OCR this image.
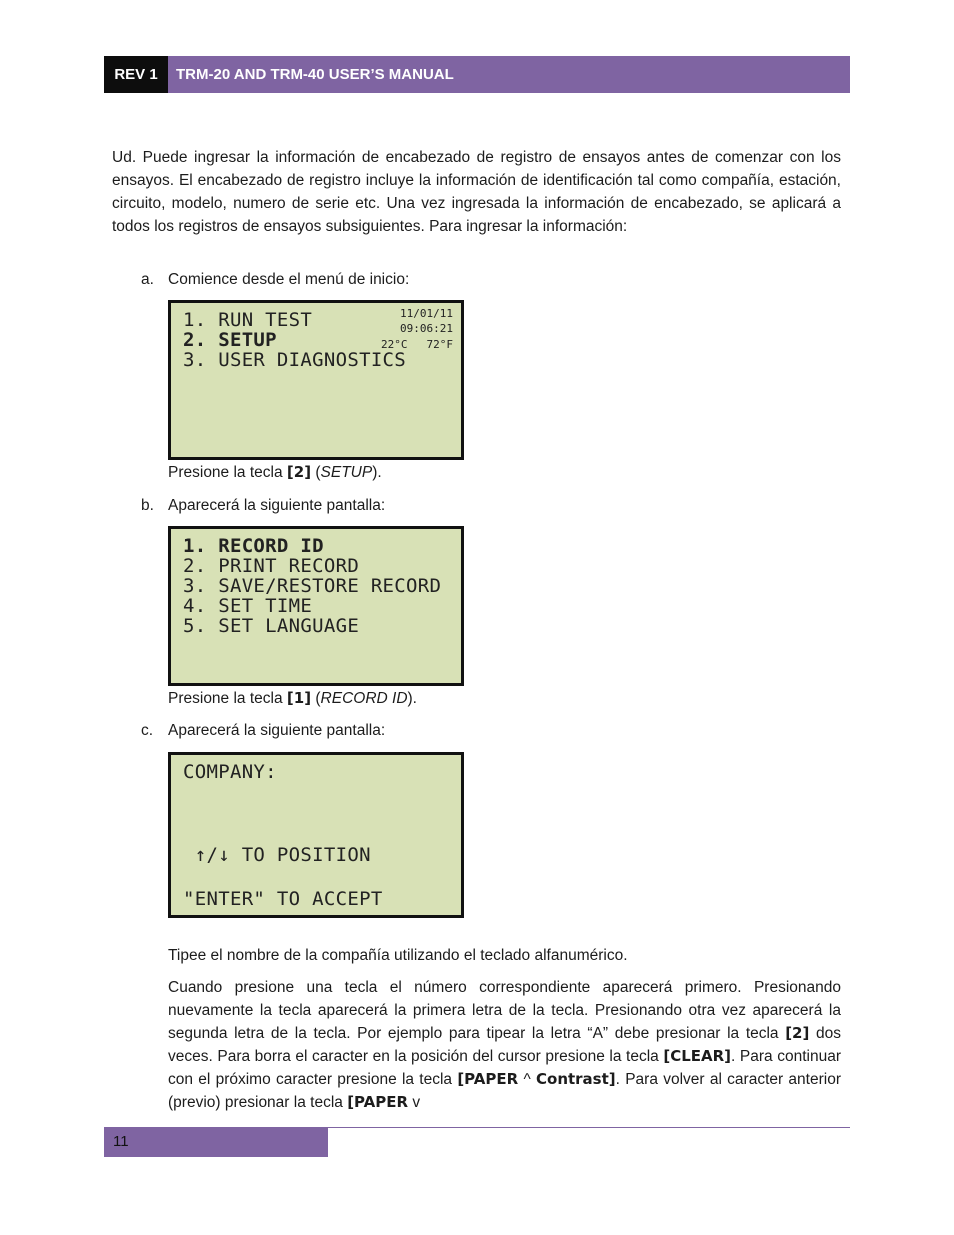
REV 1	TRM-20 AND TRM-40 USER’S MANUAL
Ud. Puede ingresar la información de encabezado de registro de ensayos antes de comenzar con los ensayos. El encabezado de registro incluye la información de identificación tal como compañía, estación, circuito, modelo, numero de serie etc. Una vez ingresada la información de encabezado, se aplicará a todos los registros de ensayos subsiguientes. Para ingresar la información:
a. Comience desde el menú de inicio:
1. RUN TEST
2. SETUP
3. USER DIAGNOSTICS
11/01/11
09:06:21
22°C 72°F
Presione la tecla [2] (SETUP).
b. Aparecerá la siguiente pantalla:
1. RECORD ID
2. PRINT RECORD
3. SAVE/RESTORE RECORD
4. SET TIME
5. SET LANGUAGE
Presione la tecla [1] (RECORD ID).
c. Aparecerá la siguiente pantalla:
COMPANY:
↑/↓ TO POSITION
"ENTER" TO ACCEPT
Tipee el nombre de la compañía utilizando el teclado alfanumérico.
Cuando presione una tecla el número correspondiente aparecerá primero. Presionando nuevamente la tecla aparecerá la primera letra de la tecla. Presionando otra vez aparecerá la segunda letra de la tecla. Por ejemplo para tipear la letra “A” debe presionar la tecla [2] dos veces. Para borra el caracter en la posición del cursor presione la tecla [CLEAR]. Para continuar con el próximo caracter presione la tecla [PAPER ^ Contrast]. Para volver al caracter anterior (previo) presionar la tecla [PAPER v
11
